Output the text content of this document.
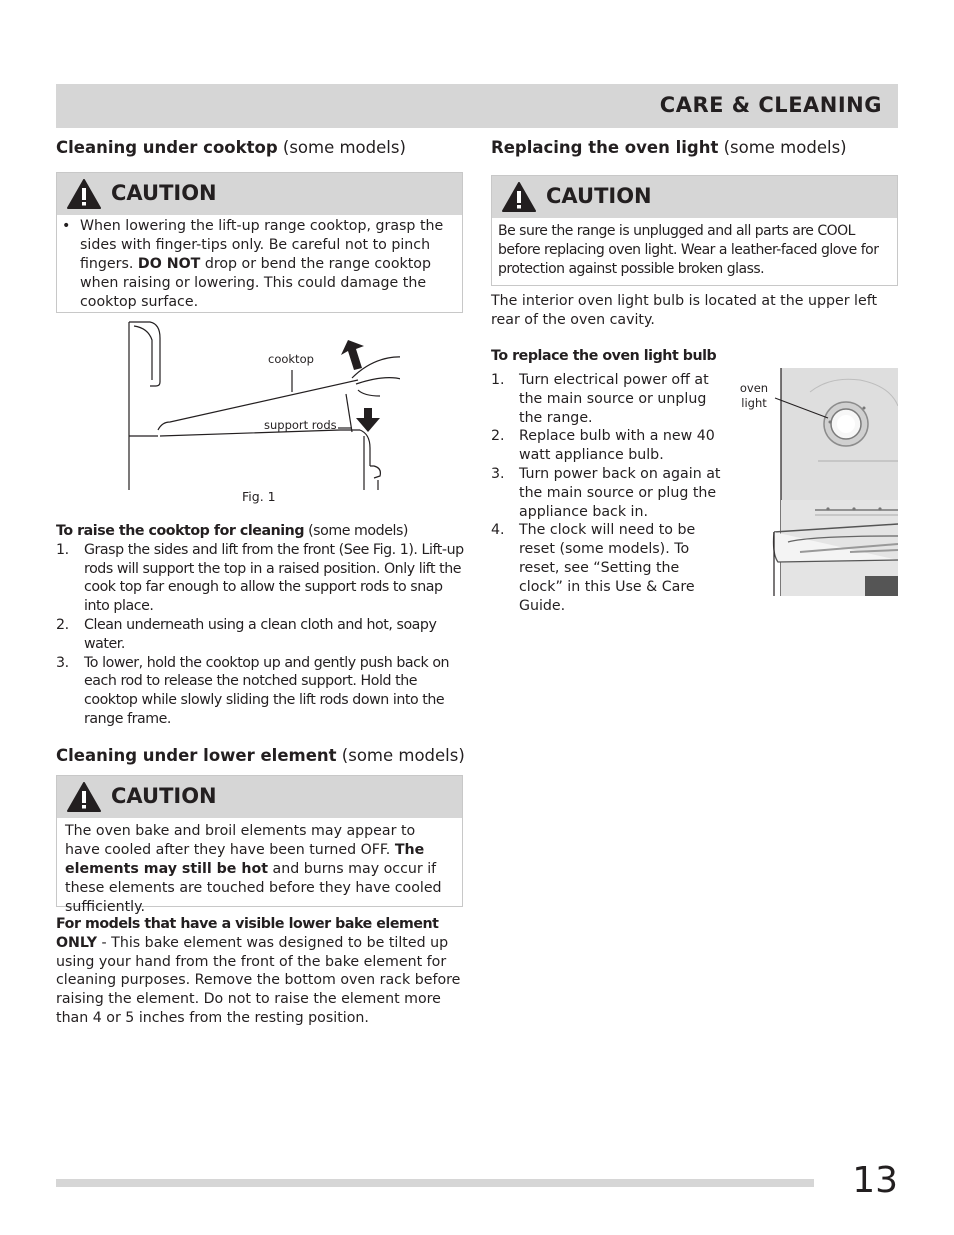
CARE & CLEANING
Cleaning under cooktop (some models)
CAUTION
• When lowering the lift-up range cooktop, grasp the sides with finger-tips only. Be careful not to pinch fingers. DO NOT drop or bend the range cooktop when raising or lowering. This could damage the cooktop surface.
cooktop
support rods
Fig. 1
To raise the cooktop for cleaning (some models)
1. Grasp the sides and lift from the front (See Fig. 1). Lift-up rods will support the top in a raised position. Only lift the cook top far enough to allow the support rods to snap into place.
2. Clean underneath using a clean cloth and hot, soapy water.
3. To lower, hold the cooktop up and gently push back on each rod to release the notched support. Hold the cooktop while slowly sliding the lift rods down into the range frame.
Cleaning under lower element (some models)
CAUTION
The oven bake and broil elements may appear to have cooled after they have been turned OFF. The elements may still be hot and burns may occur if these elements are touched before they have cooled sufficiently.
For models that have a visible lower bake element
ONLY - This bake element was designed to be tilted up using your hand from the front of the bake element for cleaning purposes. Remove the bottom oven rack before raising the element. Do not to raise the element more than 4 or 5 inches from the resting position.
Replacing the oven light (some models)
CAUTION
Be sure the range is unplugged and all parts are COOL before replacing oven light. Wear a leather-faced glove for protection against possible broken glass.
The interior oven light bulb is located at the upper left rear of the oven cavity.
To replace the oven light bulb
1. Turn electrical power off at the main source or unplug the range.
2. Replace bulb with a new 40 watt appliance bulb.
3. Turn power back on again at the main source or plug the appliance back in.
4. The clock will need to be reset (some models). To reset, see “Setting the clock” in this Use & Care Guide.
oven
light
13
